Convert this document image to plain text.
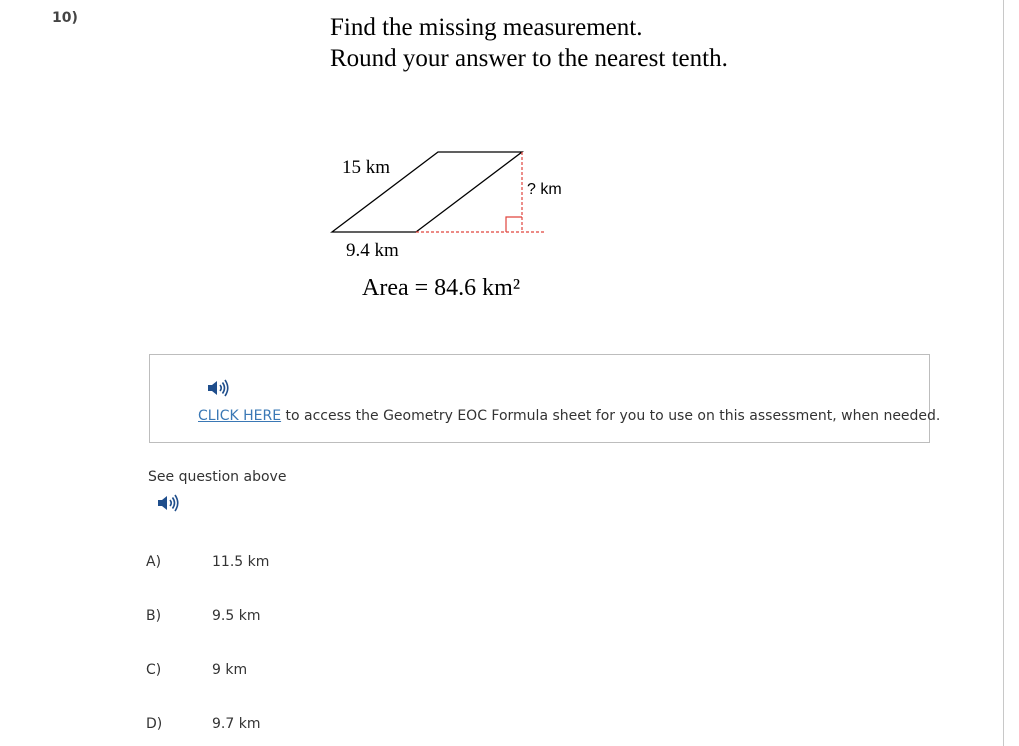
10)	Find the missing measurement.
Round your answer to the nearest tenth.
15 km
? km
9.4 km
Area = 84.6 km²
CLICK HERE to access the Geometry EOC Formula sheet for you to use on this assessment, when needed.
See question above
A)	11.5 km
B)	9.5 km
C)	9 km
D)	9.7 km
